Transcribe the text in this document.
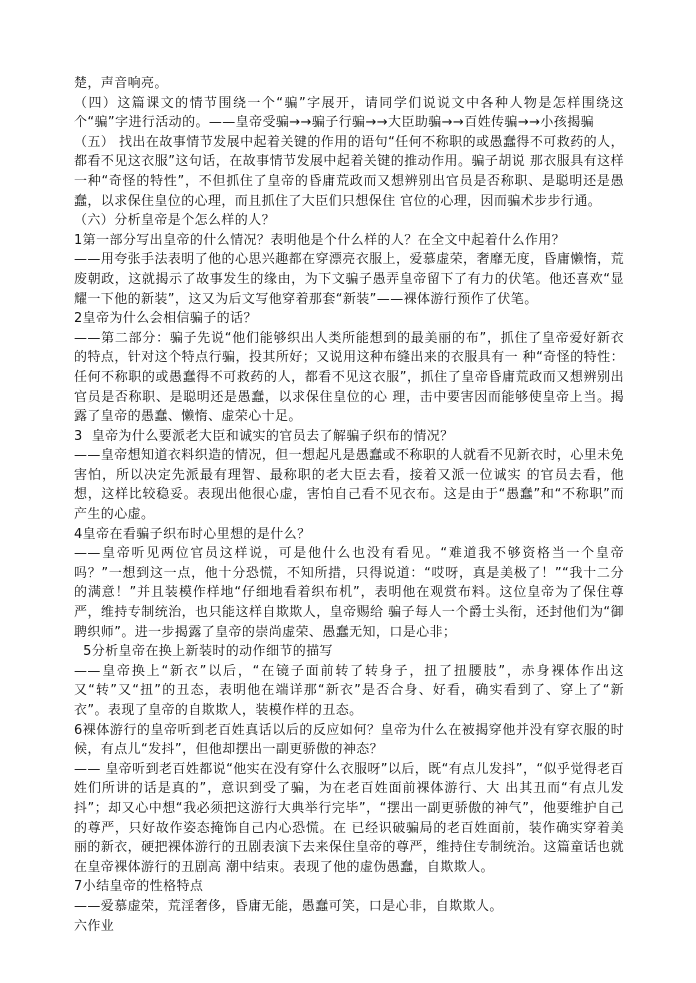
楚，声音响亮。

（四）这篇课文的情节围绕一个“骗”字展开，请同学们说说文中各种人物是怎样围绕这个“骗”字进行活动的。——皇帝受骗→→骗子行骗→→大臣助骗→→百姓传骗→→小孩揭骗

（五） 找出在故事情节发展中起着关键的作用的语句“任何不称职的或愚蠢得不可救药的人，都看不见这衣服”这句话，在故事情节发展中起着关键的推动作用。骗子胡说 那衣服具有这样一种“奇怪的特性”，不但抓住了皇帝的昏庸荒政而又想辨别出官员是否称职、是聪明还是愚蠢，以求保住皇位的心理，而且抓住了大臣们只想保住 官位的心理，因而骗术步步行通。

（六）分析皇帝是个怎么样的人？

1第一部分写出皇帝的什么情况？表明他是个什么样的人？在全文中起着什么作用？

——用夸张手法表明了他的心思兴趣都在穿漂亮衣服上，爱慕虚荣，奢靡无度，昏庸懒惰，荒废朝政，这就揭示了故事发生的缘由，为下文骗子愚弄皇帝留下了有力的伏笔。他还喜欢“显耀一下他的新装”，这又为后文写他穿着那套“新装”——裸体游行预作了伏笔。

2皇帝为什么会相信骗子的话？

——第二部分：骗子先说“他们能够织出人类所能想到的最美丽的布”，抓住了皇帝爱好新衣的特点，针对这个特点行骗，投其所好；又说用这种布缝出来的衣服具有一 种“奇怪的特性：任何不称职的或愚蠢得不可救药的人，都看不见这衣服”，抓住了皇帝昏庸荒政而又想辨别出官员是否称职、是聪明还是愚蠢，以求保住皇位的心 理，击中要害因而能够使皇帝上当。揭露了皇帝的愚蠢、懒惰、虚荣心十足。

3  皇帝为什么要派老大臣和诚实的官员去了解骗子织布的情况？

——皇帝想知道衣料织造的情况，但一想起凡是愚蠢或不称职的人就看不见新衣时，心里未免害怕，所以决定先派最有理智、最称职的老大臣去看，接着又派一位诚实 的官员去看，他想，这样比较稳妥。表现出他很心虚，害怕自己看不见衣布。这是由于“愚蠢”和“不称职”而产生的心虚。

4皇帝在看骗子织布时心里想的是什么？

——皇帝听见两位官员这样说，可是他什么也没有看见。“难道我不够资格当一个皇帝吗？”一想到这一点，他十分恐慌，不知所措，只得说道：“哎呀，真是美极了！”“我十二分的满意！”并且装模作样地“仔细地看着织布机”，表明他在观赏布料。这位皇帝为了保住尊严，维持专制统治，也只能这样自欺欺人，皇帝赐给 骗子每人一个爵士头衔，还封他们为“御聘织师”。进一步揭露了皇帝的崇尚虚荣、愚蠢无知，口是心非；

5分析皇帝在换上新装时的动作细节的描写

——皇帝换上“新衣”以后，“在镜子面前转了转身子，扭了扭腰肢”，赤身裸体作出这又“转”又“扭”的丑态，表明他在端详那“新衣”是否合身、好看，确实看到了、穿上了“新衣”。表现了皇帝的自欺欺人，装模作样的丑态。

6裸体游行的皇帝听到老百姓真话以后的反应如何？皇帝为什么在被揭穿他并没有穿衣服的时候，有点儿“发抖”，但他却摆出一副更骄傲的神态？

—— 皇帝听到老百姓都说“他实在没有穿什么衣服呀”以后，既“有点儿发抖”，“似乎觉得老百姓们所讲的话是真的”，意识到受了骗，为在老百姓面前裸体游行、大 出其丑而“有点儿发抖”；却又心中想“我必须把这游行大典举行完毕”，“摆出一副更骄傲的神气”，他要维护自己的尊严，只好故作姿态掩饰自己内心恐慌。在 已经识破骗局的老百姓面前，装作确实穿着美丽的新衣，硬把裸体游行的丑剧表演下去来保住皇帝的尊严，维持住专制统治。这篇童话也就在皇帝裸体游行的丑剧高 潮中结束。表现了他的虚伪愚蠢，自欺欺人。

7小结皇帝的性格特点

——爱慕虚荣，荒淫奢侈，昏庸无能，愚蠢可笑，口是心非，自欺欺人。

六作业
